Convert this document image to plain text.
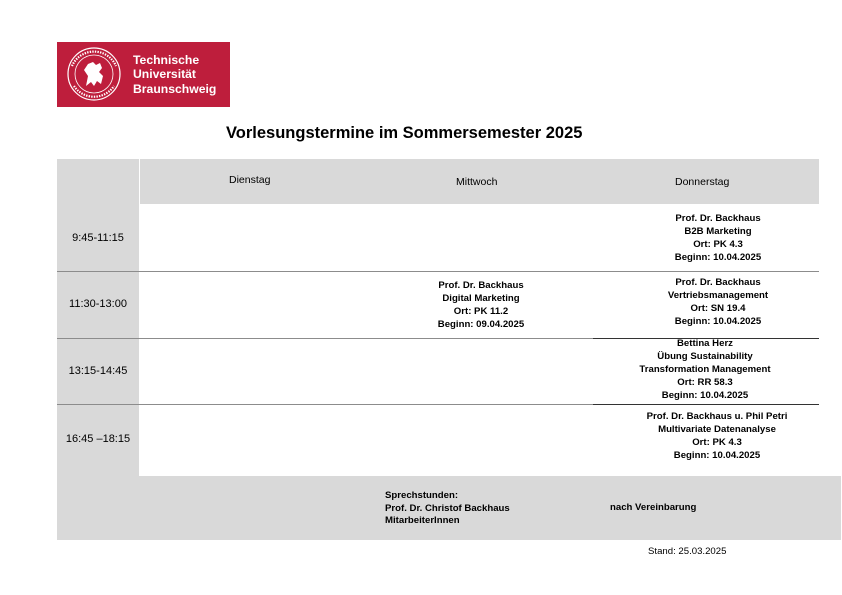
Technische
Universität
Braunschweig
Vorlesungstermine im Sommersemester 2025
Dienstag	Mittwoch	Donnerstag
9:45-11:15
11:30-13:00
13:15-14:45
16:45 –18:15
Prof. Dr. Backhaus
B2B Marketing
Ort: PK 4.3
Beginn: 10.04.2025
Prof. Dr. Backhaus
Digital Marketing
Ort: PK 11.2
Beginn: 09.04.2025
Prof. Dr. Backhaus
Vertriebsmanagement
Ort: SN 19.4
Beginn: 10.04.2025
Bettina Herz
Übung Sustainability
Transformation Management
Ort: RR 58.3
Beginn: 10.04.2025
Prof. Dr. Backhaus u. Phil Petri
Multivariate Datenanalyse
Ort: PK 4.3
Beginn: 10.04.2025
Sprechstunden:
Prof. Dr. Christof Backhaus
MitarbeiterInnen
nach Vereinbarung
Stand: 25.03.2025
